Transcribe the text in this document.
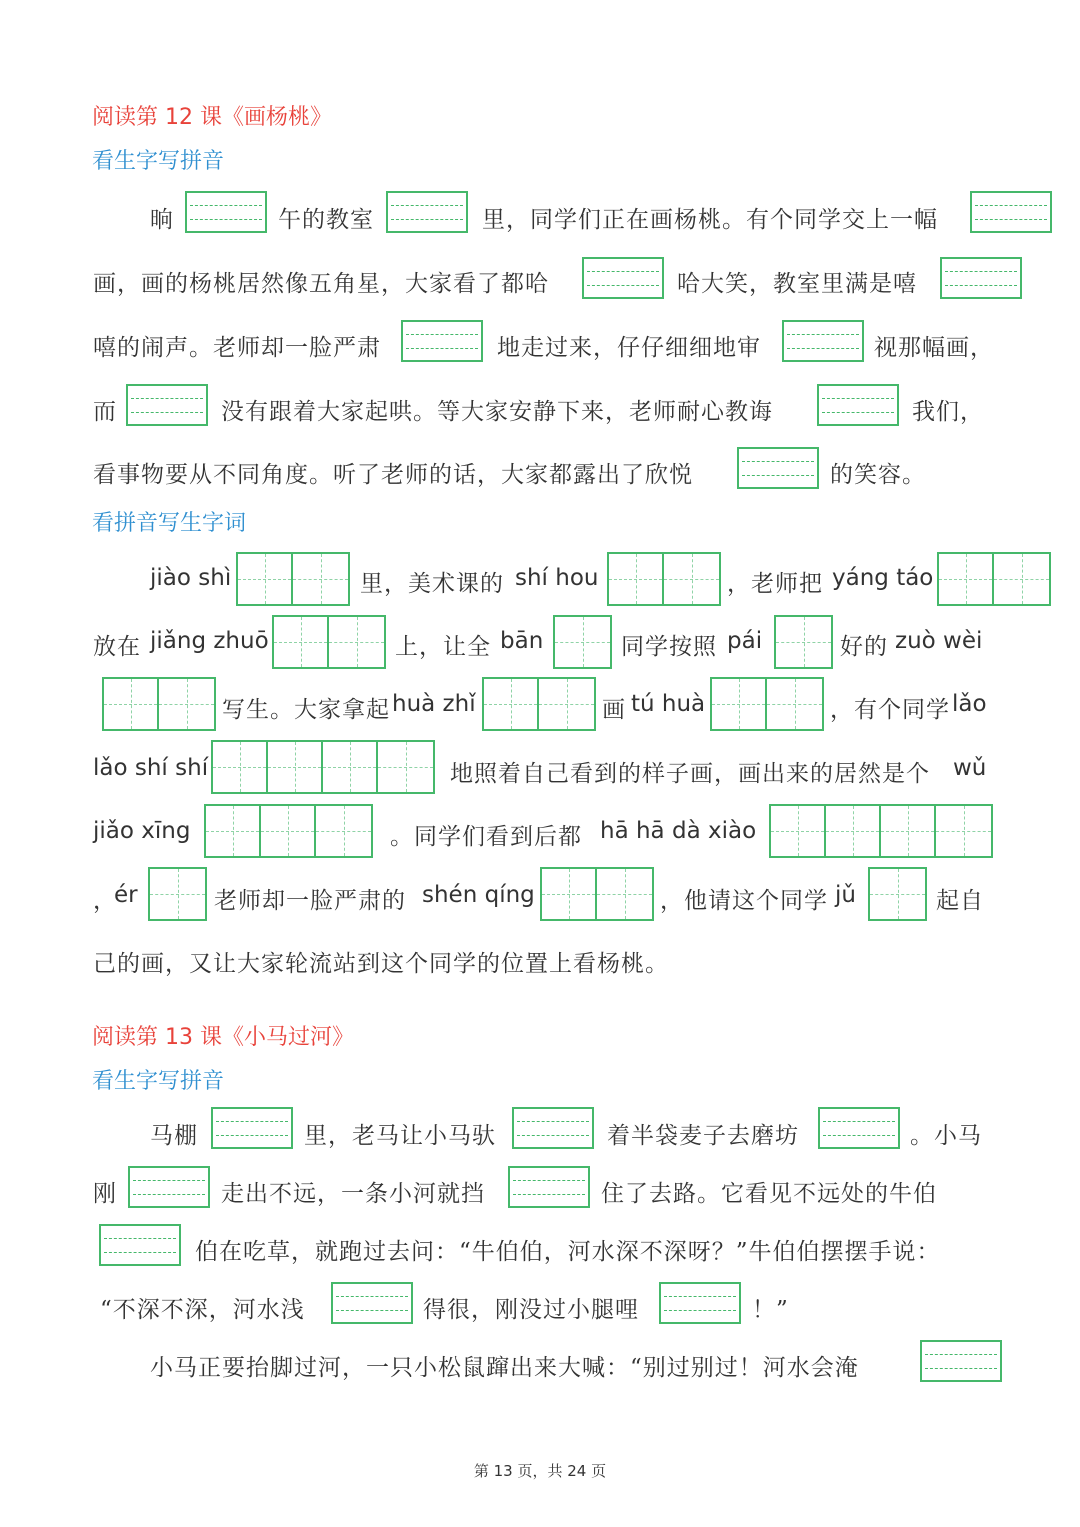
阅读第 12 课《画杨桃》
看生字写拼音
晌	午的教室	里，同学们正在画杨桃。有个同学交上一幅
画，画的杨桃居然像五角星，大家看了都哈	哈大笑，教室里满是嘻
嘻的闹声。老师却一脸严肃	地走过来，仔仔细细地审	视那幅画，
而	没有跟着大家起哄。等大家安静下来，老师耐心教诲	我们，
看事物要从不同角度。听了老师的话，大家都露出了欣悦	的笑容。
看拼音写生字词
jiào shì	里，美术课的 shí hou	，老师把 yáng táo
放在 jiǎng zhuō	上，让全 bān	同学按照 pái	好的 zuò wèi
写生。大家拿起 huà zhǐ	画 tú huà	，有个同学 lǎo
lǎo shí shí	地照着自己看到的样子画，画出来的居然是个 wǔ
jiǎo xīng	。同学们看到后都 hā hā dà xiào
，
ér	老师却一脸严肃的 shén qíng	，他请这个同学 jǔ	起自
己的画，又让大家轮流站到这个同学的位置上看杨桃。
阅读第 13 课《小马过河》
看生字写拼音
马棚	里，老马让小马驮	着半袋麦子去磨坊	。小马
刚	走出不远，一条小河就挡	住了去路。它看见不远处的牛伯
伯在吃草，就跑过去问：“牛伯伯，河水深不深呀？”牛伯伯摆摆手说：
“不深不深，河水浅	得很，刚没过小腿哩	！”
小马正要抬脚过河，一只小松鼠蹿出来大喊：“别过别过！河水会淹
第 13 页，共 24 页
